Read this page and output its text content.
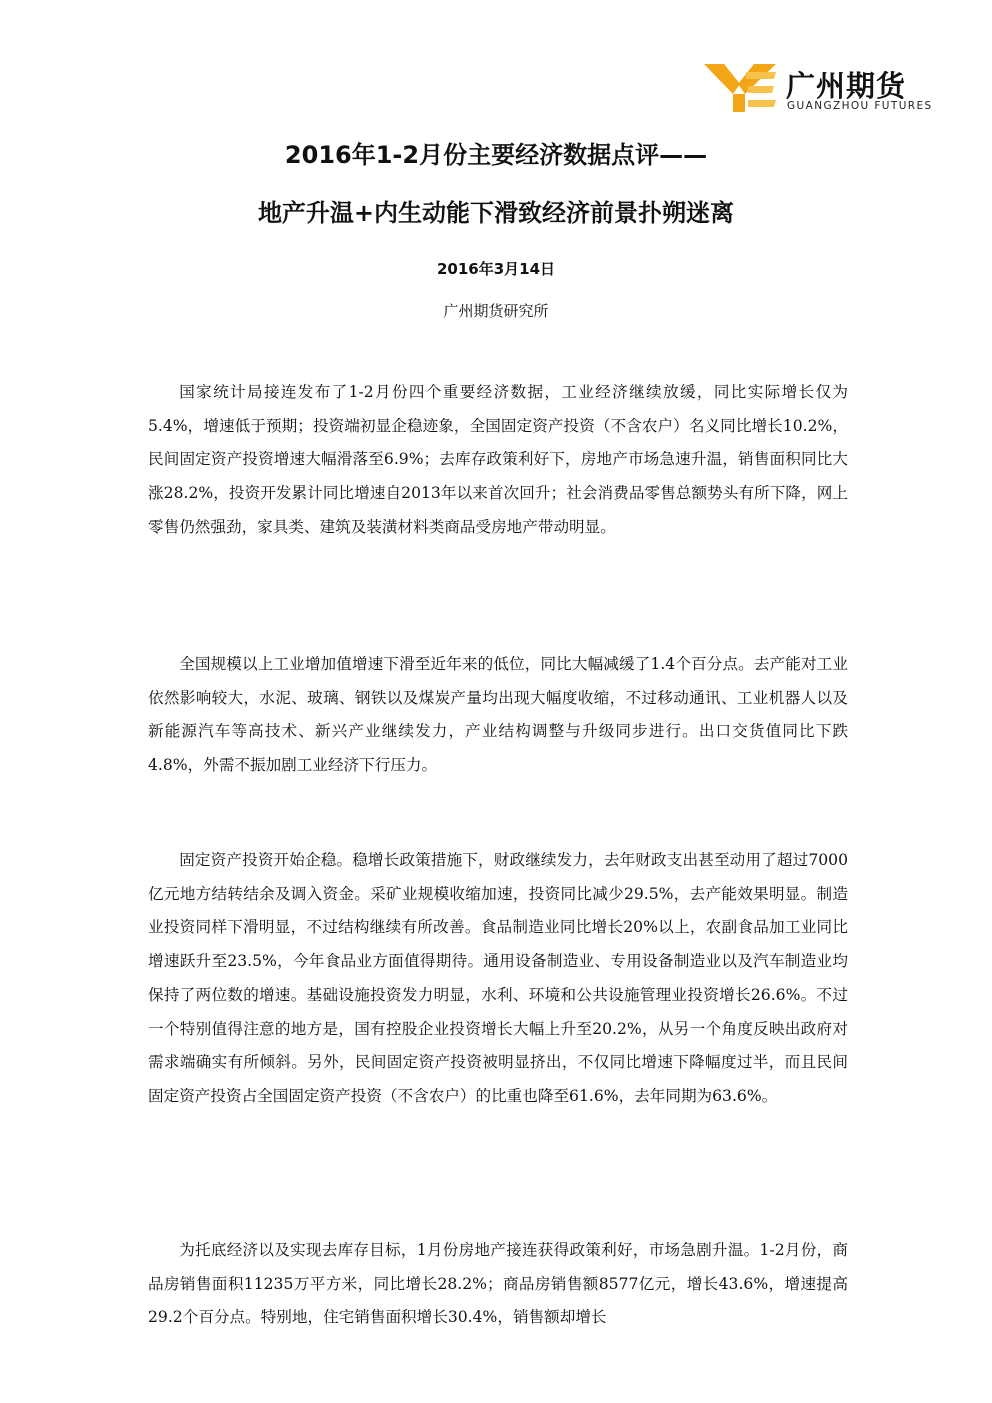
广州期货
GUANGZHOU FUTURES
2016年1-2月份主要经济数据点评——
地产升温+内生动能下滑致经济前景扑朔迷离
2016年3月14日
广州期货研究所

国家统计局接连发布了1-2月份四个重要经济数据，工业经济继续放缓，同比实际增长仅为5.4%，增速低于预期；投资端初显企稳迹象，全国固定资产投资（不含农户）名义同比增长10.2%，民间固定资产投资增速大幅滑落至6.9%；去库存政策利好下，房地产市场急速升温，销售面积同比大涨28.2%，投资开发累计同比增速自2013年以来首次回升；社会消费品零售总额势头有所下降，网上零售仍然强劲，家具类、建筑及装潢材料类商品受房地产带动明显。

全国规模以上工业增加值增速下滑至近年来的低位，同比大幅减缓了1.4个百分点。去产能对工业依然影响较大，水泥、玻璃、钢铁以及煤炭产量均出现大幅度收缩，不过移动通讯、工业机器人以及新能源汽车等高技术、新兴产业继续发力，产业结构调整与升级同步进行。出口交货值同比下跌4.8%，外需不振加剧工业经济下行压力。

固定资产投资开始企稳。稳增长政策措施下，财政继续发力，去年财政支出甚至动用了超过7000亿元地方结转结余及调入资金。采矿业规模收缩加速，投资同比减少29.5%，去产能效果明显。制造业投资同样下滑明显，不过结构继续有所改善。食品制造业同比增长20%以上，农副食品加工业同比增速跃升至23.5%，今年食品业方面值得期待。通用设备制造业、专用设备制造业以及汽车制造业均保持了两位数的增速。基础设施投资发力明显，水利、环境和公共设施管理业投资增长26.6%。不过一个特别值得注意的地方是，国有控股企业投资增长大幅上升至20.2%，从另一个角度反映出政府对需求端确实有所倾斜。另外，民间固定资产投资被明显挤出，不仅同比增速下降幅度过半，而且民间固定资产投资占全国固定资产投资（不含农户）的比重也降至61.6%，去年同期为63.6%。

为托底经济以及实现去库存目标，1月份房地产接连获得政策利好，市场急剧升温。1-2月份，商品房销售面积11235万平方米，同比增长28.2%；商品房销售额8577亿元，增长43.6%，增速提高29.2个百分点。特别地，住宅销售面积增长30.4%，销售额却增长
